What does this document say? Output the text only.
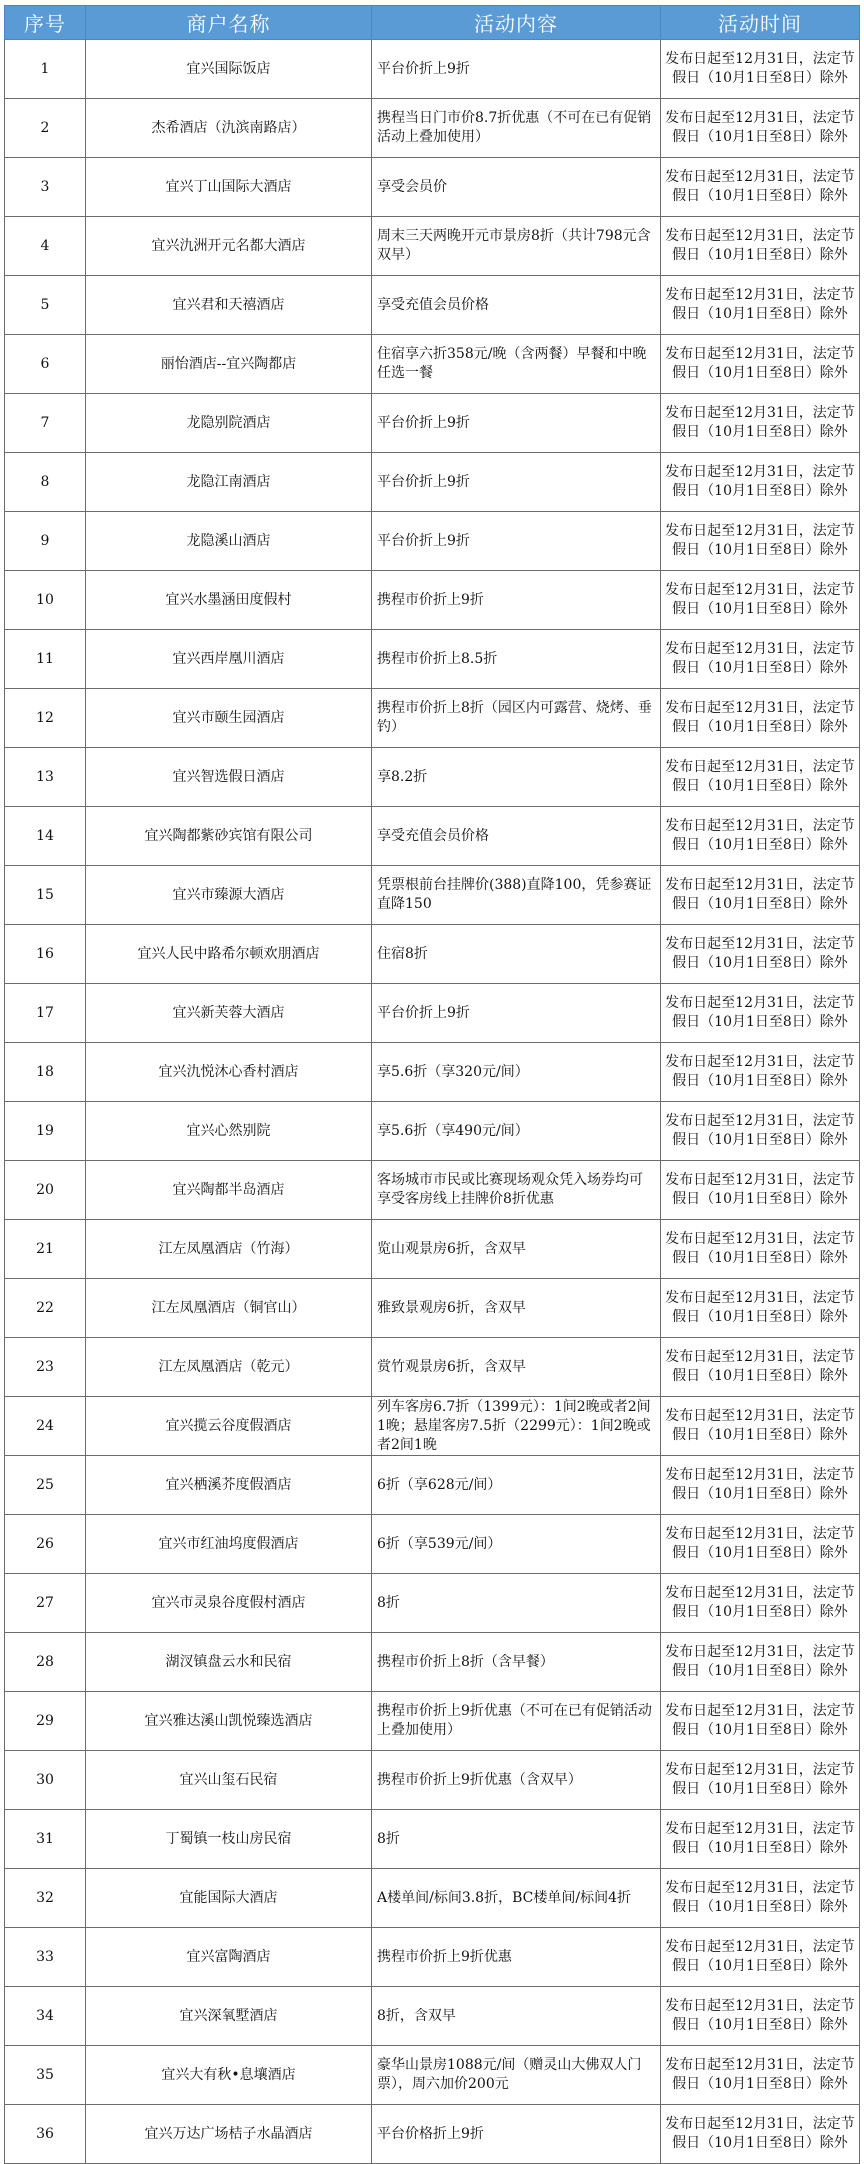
序号	商户名称	活动内容	活动时间
1	宜兴国际饭店	平台价折上9折	发布日起至12月31日，法定节假日（10月1日至8日）除外
2	杰希酒店（氿滨南路店）	携程当日门市价8.7折优惠（不可在已有促销活动上叠加使用）	发布日起至12月31日，法定节假日（10月1日至8日）除外
3	宜兴丁山国际大酒店	享受会员价	发布日起至12月31日，法定节假日（10月1日至8日）除外
4	宜兴氿洲开元名都大酒店	周末三天两晚开元市景房8折（共计798元含双早）	发布日起至12月31日，法定节假日（10月1日至8日）除外
5	宜兴君和天禧酒店	享受充值会员价格	发布日起至12月31日，法定节假日（10月1日至8日）除外
6	丽怡酒店--宜兴陶都店	住宿享六折358元/晚（含两餐）早餐和中晚任选一餐	发布日起至12月31日，法定节假日（10月1日至8日）除外
7	龙隐别院酒店	平台价折上9折	发布日起至12月31日，法定节假日（10月1日至8日）除外
8	龙隐江南酒店	平台价折上9折	发布日起至12月31日，法定节假日（10月1日至8日）除外
9	龙隐溪山酒店	平台价折上9折	发布日起至12月31日，法定节假日（10月1日至8日）除外
10	宜兴水墨涵田度假村	携程市价折上9折	发布日起至12月31日，法定节假日（10月1日至8日）除外
11	宜兴西岸凰川酒店	携程市价折上8.5折	发布日起至12月31日，法定节假日（10月1日至8日）除外
12	宜兴市颐生园酒店	携程市价折上8折（园区内可露营、烧烤、垂钓）	发布日起至12月31日，法定节假日（10月1日至8日）除外
13	宜兴智选假日酒店	享8.2折	发布日起至12月31日，法定节假日（10月1日至8日）除外
14	宜兴陶都紫砂宾馆有限公司	享受充值会员价格	发布日起至12月31日，法定节假日（10月1日至8日）除外
15	宜兴市臻源大酒店	凭票根前台挂牌价(388)直降100，凭参赛证直降150	发布日起至12月31日，法定节假日（10月1日至8日）除外
16	宜兴人民中路希尔顿欢朋酒店	住宿8折	发布日起至12月31日，法定节假日（10月1日至8日）除外
17	宜兴新芙蓉大酒店	平台价折上9折	发布日起至12月31日，法定节假日（10月1日至8日）除外
18	宜兴氿悦沐心香村酒店	享5.6折（享320元/间）	发布日起至12月31日，法定节假日（10月1日至8日）除外
19	宜兴心然别院	享5.6折（享490元/间）	发布日起至12月31日，法定节假日（10月1日至8日）除外
20	宜兴陶都半岛酒店	客场城市市民或比赛现场观众凭入场券均可享受客房线上挂牌价8折优惠	发布日起至12月31日，法定节假日（10月1日至8日）除外
21	江左凤凰酒店（竹海）	览山观景房6折，含双早	发布日起至12月31日，法定节假日（10月1日至8日）除外
22	江左凤凰酒店（铜官山）	雅致景观房6折，含双早	发布日起至12月31日，法定节假日（10月1日至8日）除外
23	江左凤凰酒店（乾元）	赏竹观景房6折，含双早	发布日起至12月31日，法定节假日（10月1日至8日）除外
24	宜兴揽云谷度假酒店	列车客房6.7折（1399元）：1间2晚或者2间1晚；悬崖客房7.5折（2299元）：1间2晚或者2间1晚	发布日起至12月31日，法定节假日（10月1日至8日）除外
25	宜兴栖溪芥度假酒店	6折（享628元/间）	发布日起至12月31日，法定节假日（10月1日至8日）除外
26	宜兴市红油坞度假酒店	6折（享539元/间）	发布日起至12月31日，法定节假日（10月1日至8日）除外
27	宜兴市灵泉谷度假村酒店	8折	发布日起至12月31日，法定节假日（10月1日至8日）除外
28	湖汊镇盘云水和民宿	携程市价折上8折（含早餐）	发布日起至12月31日，法定节假日（10月1日至8日）除外
29	宜兴雅达溪山凯悦臻选酒店	携程市价折上9折优惠（不可在已有促销活动上叠加使用）	发布日起至12月31日，法定节假日（10月1日至8日）除外
30	宜兴山玺石民宿	携程市价折上9折优惠（含双早）	发布日起至12月31日，法定节假日（10月1日至8日）除外
31	丁蜀镇一枝山房民宿	8折	发布日起至12月31日，法定节假日（10月1日至8日）除外
32	宜能国际大酒店	A楼单间/标间3.8折，BC楼单间/标间4折	发布日起至12月31日，法定节假日（10月1日至8日）除外
33	宜兴富陶酒店	携程市价折上9折优惠	发布日起至12月31日，法定节假日（10月1日至8日）除外
34	宜兴深氧墅酒店	8折，含双早	发布日起至12月31日，法定节假日（10月1日至8日）除外
35	宜兴大有秋•息壤酒店	豪华山景房1088元/间（赠灵山大佛双人门票），周六加价200元	发布日起至12月31日，法定节假日（10月1日至8日）除外
36	宜兴万达广场桔子水晶酒店	平台价格折上9折	发布日起至12月31日，法定节假日（10月1日至8日）除外
